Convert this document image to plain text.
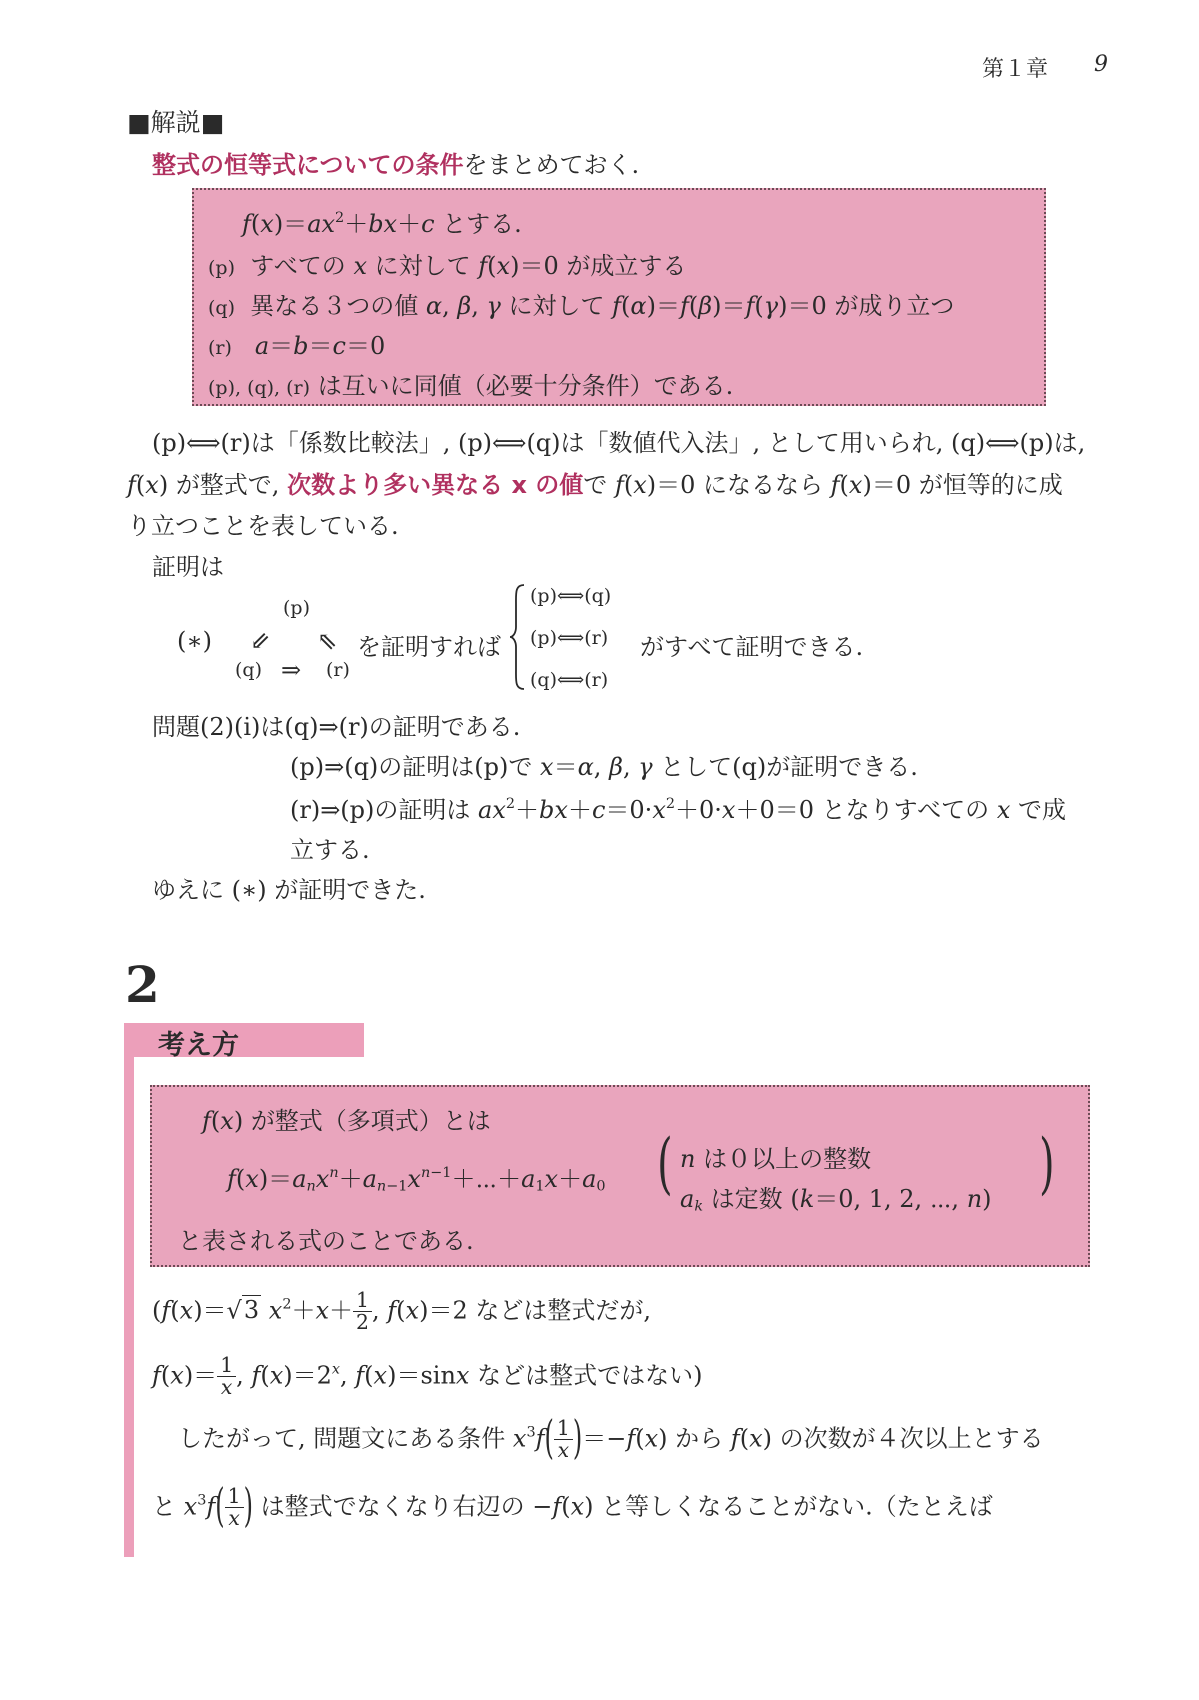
第１章 9
■解説■
整式の恒等式についての条件をまとめておく.
$f(x)=ax^2+bx+c$ とする.
(p) すべての x に対して f(x)＝0 が成立する
(q) 異なる３つの値 α, β, γ に対して f(α)＝f(β)＝f(γ)＝0 が成り立つ
(r) a＝b＝c＝0
(p), (q), (r) は互いに同値（必要十分条件）である.
(p)⟺(r)は「係数比較法」, (p)⟺(q)は「数値代入法」, として用いられ, (q)⟺(p)は,
f(x) が整式で, 次数より多い異なる x の値で f(x)＝0 になるなら f(x)＝0 が恒等的に成
り立つことを表している.
証明は
(p)
(∗) ⇙ ⇖
(q) ⇒ (r)
を証明すれば
(p)⟺(q)
(p)⟺(r)
(q)⟺(r)
がすべて証明できる.
問題(2)(i)は(q)⇒(r)の証明である.
(p)⇒(q)の証明は(p)で x＝α, β, γ として(q)が証明できる.
(r)⇒(p)の証明は $ax^2+bx+c=0\cdot x^2+0\cdot x+0=0$ となりすべての x で成
立する.
ゆえに (∗) が証明できた.
2
考え方
f(x) が整式（多項式）とは
$f(x)=a_nx^n+a_{n-1}x^{n-1}+\cdots+a_1x+a_0$ ( n は０以上の整数
$a_k$ は定数 (k＝0, 1, 2, ⋯, n) )
と表される式のことである.
(f(x)＝√3 $x^2+x+ \frac{1}{2}$ , f(x)＝2 などは整式だが,
$f(x)= \frac{1}{x}$ , $f(x)=2^x$, f(x)＝sinx などは整式ではない)
したがって, 問題文にある条件 $x^3f( \frac{1}{x} )=-f(x)$ から f(x) の次数が４次以上とする
と $x^3f( \frac{1}{x}$ ) は整式でなくなり右辺の −f(x) と等しくなることがない.（たとえば
